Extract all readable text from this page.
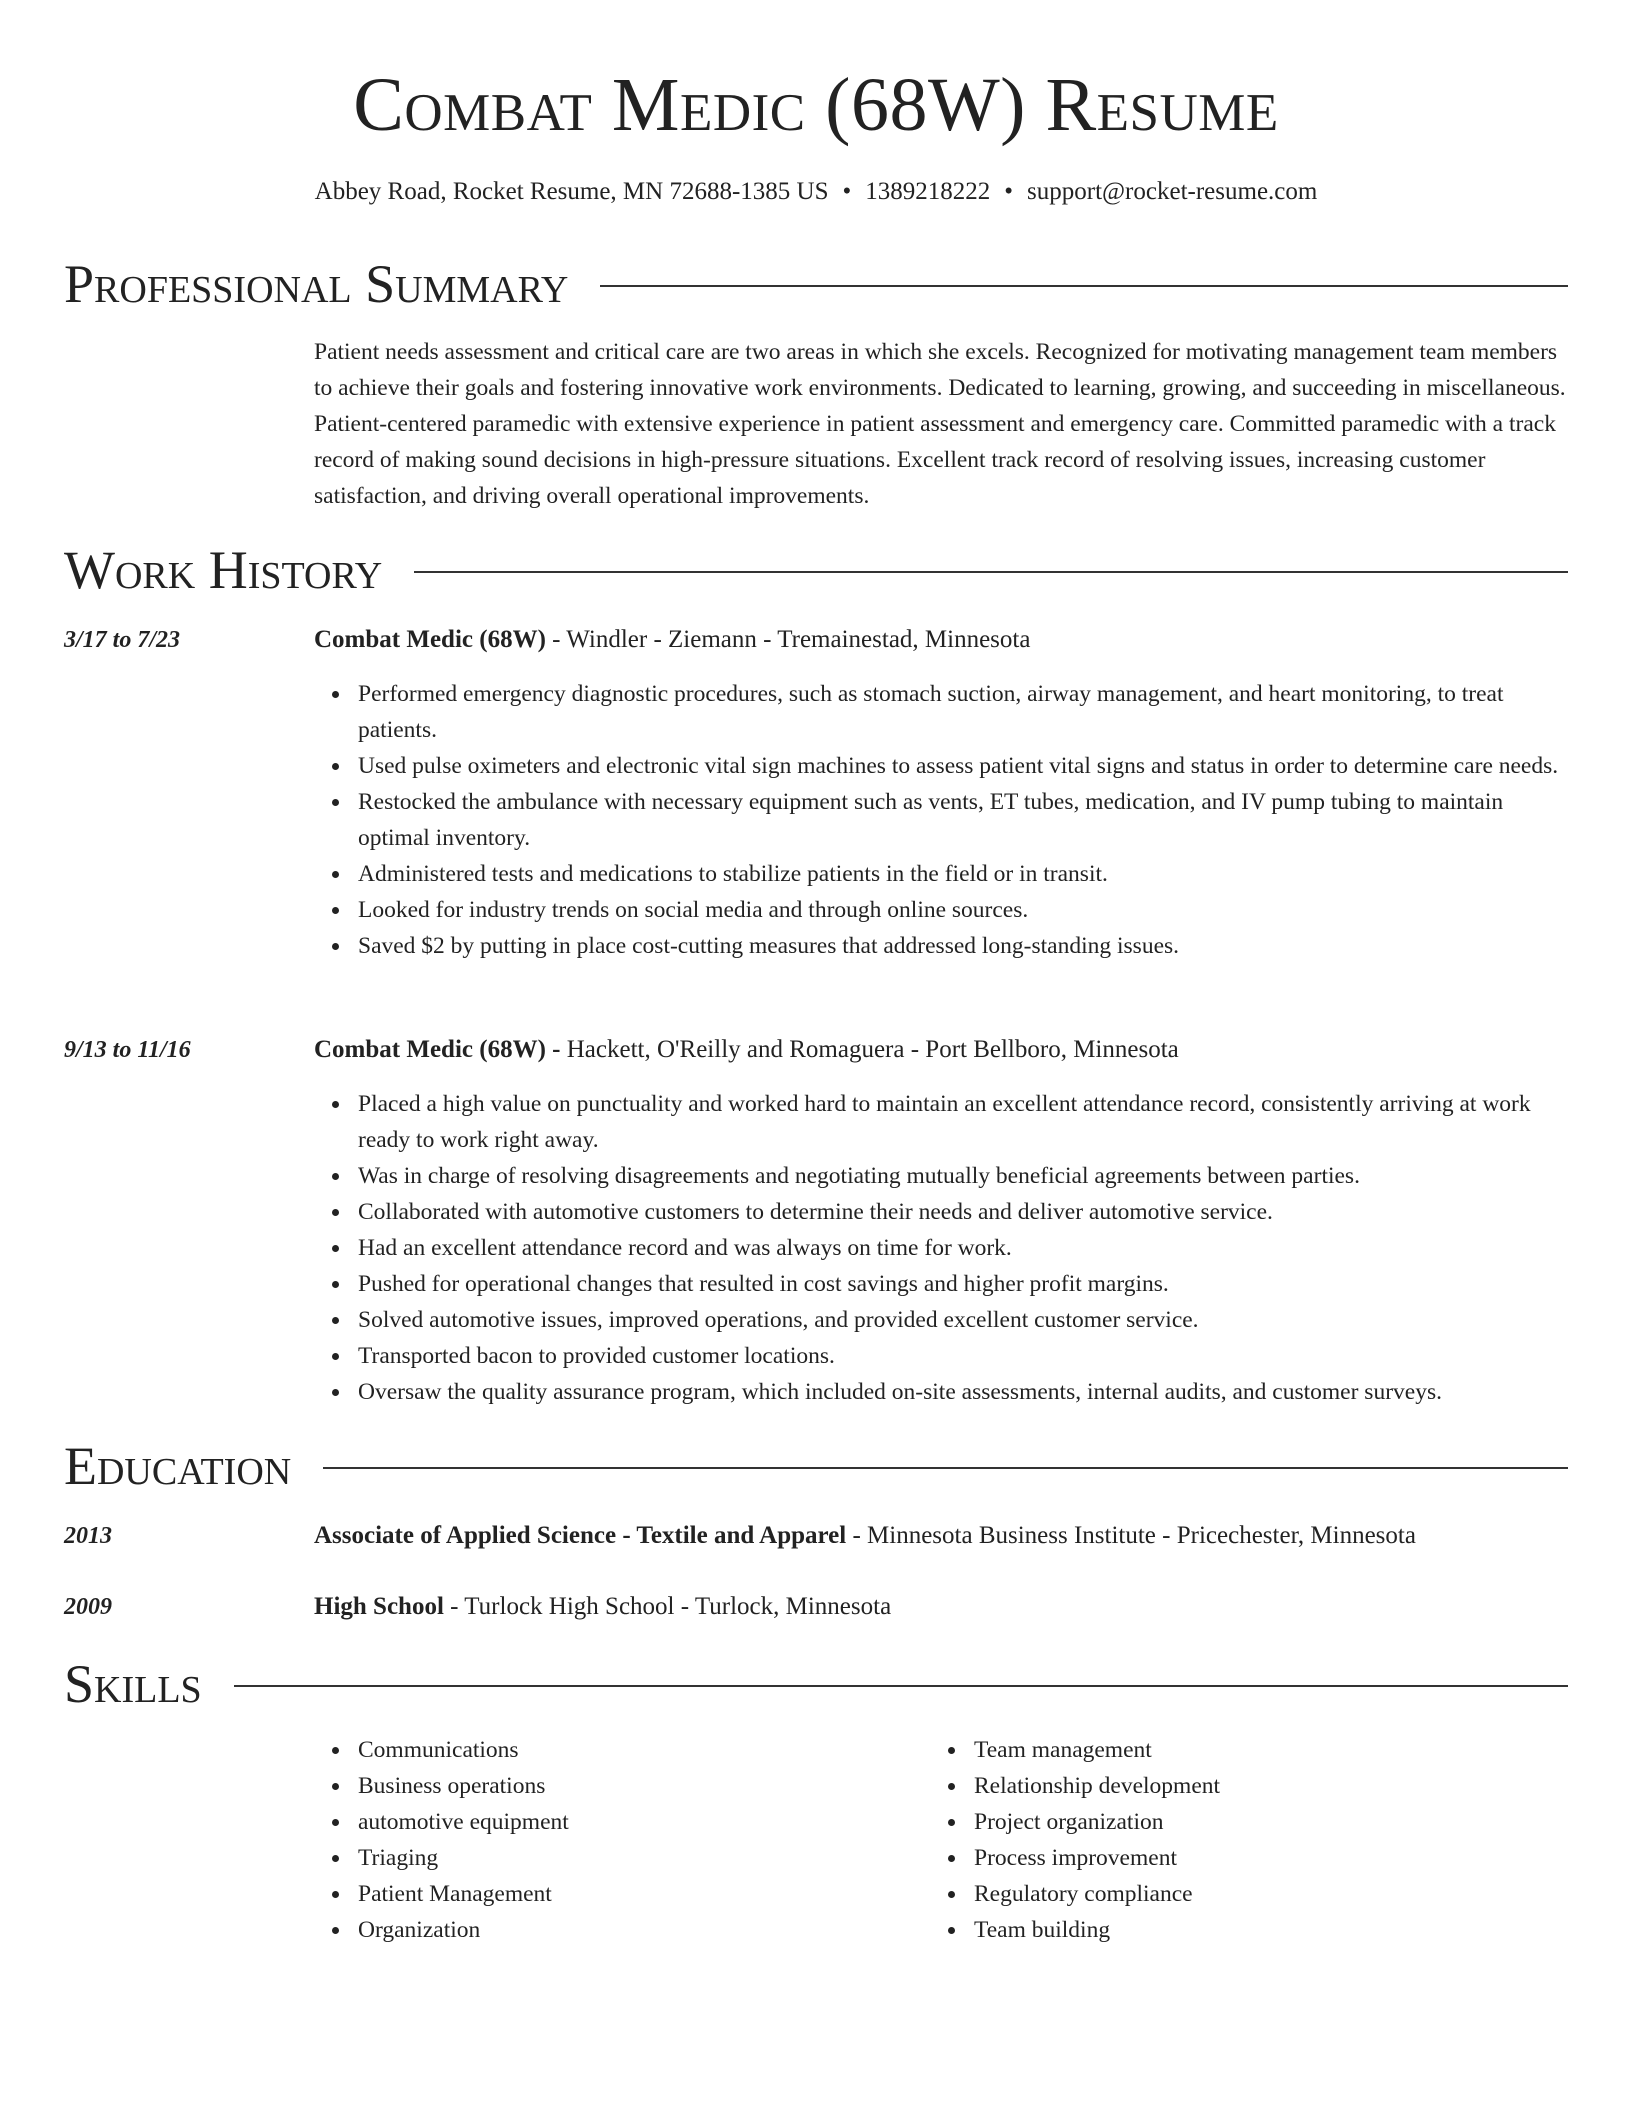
Combat Medic (68W) Resume
Abbey Road, Rocket Resume, MN 72688-1385 US • 1389218222 • support@rocket-resume.com
Professional Summary

Patient needs assessment and critical care are two areas in which she excels. Recognized for motivating management team members to achieve their goals and fostering innovative work environments. Dedicated to learning, growing, and succeeding in miscellaneous. Patient-centered paramedic with extensive experience in patient assessment and emergency care. Committed paramedic with a track record of making sound decisions in high-pressure situations. Excellent track record of resolving issues, increasing customer satisfaction, and driving overall operational improvements.

Work History
3/17 to 7/23	Combat Medic (68W) - Windler - Ziemann - Tremainestad, Minnesota
Performed emergency diagnostic procedures, such as stomach suction, airway management, and heart monitoring, to treat patients.
Used pulse oximeters and electronic vital sign machines to assess patient vital signs and status in order to determine care needs.
Restocked the ambulance with necessary equipment such as vents, ET tubes, medication, and IV pump tubing to maintain optimal inventory.
Administered tests and medications to stabilize patients in the field or in transit.
Looked for industry trends on social media and through online sources.
Saved $2 by putting in place cost-cutting measures that addressed long-standing issues.
9/13 to 11/16	Combat Medic (68W) - Hackett, O'Reilly and Romaguera - Port Bellboro, Minnesota
Placed a high value on punctuality and worked hard to maintain an excellent attendance record, consistently arriving at work ready to work right away.
Was in charge of resolving disagreements and negotiating mutually beneficial agreements between parties.
Collaborated with automotive customers to determine their needs and deliver automotive service.
Had an excellent attendance record and was always on time for work.
Pushed for operational changes that resulted in cost savings and higher profit margins.
Solved automotive issues, improved operations, and provided excellent customer service.
Transported bacon to provided customer locations.
Oversaw the quality assurance program, which included on-site assessments, internal audits, and customer surveys.
Education
2013	Associate of Applied Science - Textile and Apparel - Minnesota Business Institute - Pricechester, Minnesota
2009	High School - Turlock High School - Turlock, Minnesota
Skills
Communications
Business operations
automotive equipment
Triaging
Patient Management
Organization
Team management
Relationship development
Project organization
Process improvement
Regulatory compliance
Team building
